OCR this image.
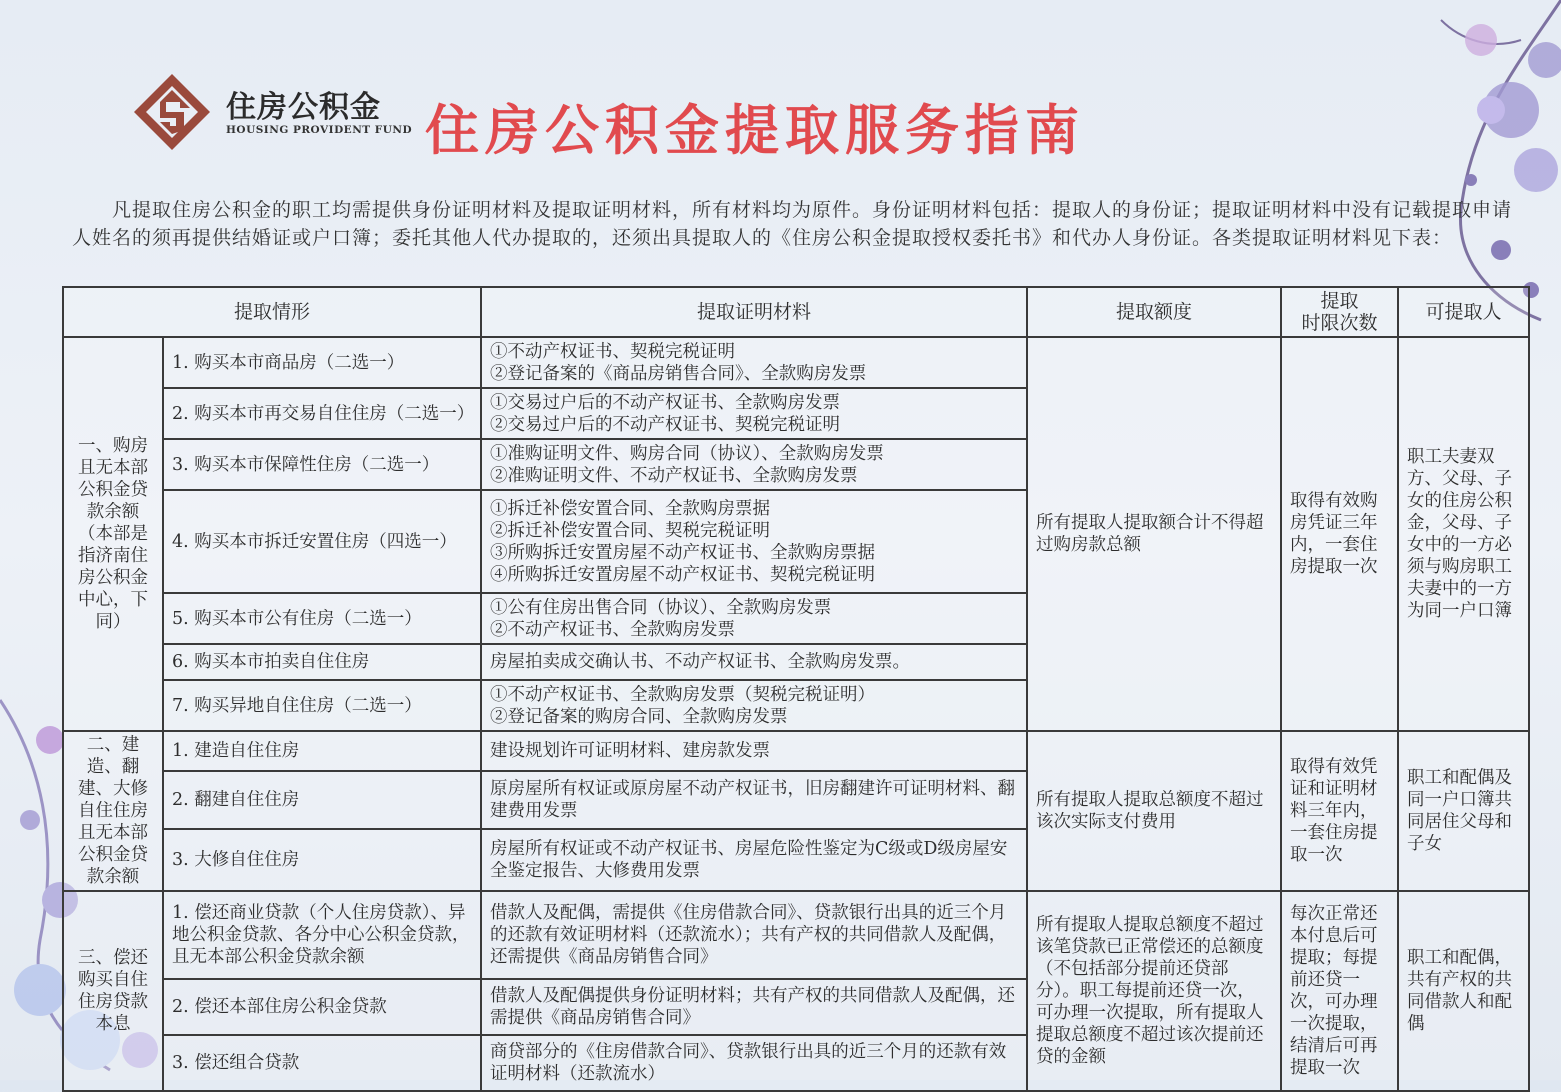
住房公积金
HOUSING PROVIDENT FUND 住房公积金提取服务指南
凡提取住房公积金的职工均需提供身份证明材料及提取证明材料，所有材料均为原件。身份证明材料包括：提取人的身份证；提取证明材料中没有记载提取申请人姓名的须再提供结婚证或户口簿；委托其他人代办提取的，还须出具提取人的《住房公积金提取授权委托书》和代办人身份证。各类提取证明材料见下表：
提取情形		提取证明材料	提取额度	提取
时限次数	可提取人
一、购房且无本部公积金贷款余额（本部是指济南住房公积金中心，下同）	1. 购买本市商品房（二选一）	①不动产权证书、契税完税证明
②登记备案的《商品房销售合同》、全款购房发票	所有提取人提取额合计不得超过购房款总额	取得有效购房凭证三年内，一套住房提取一次	职工夫妻双方、父母、子女的住房公积金，父母、子女中的一方必须与购房职工夫妻中的一方为同一户口簿
	2. 购买本市再交易自住住房（二选一）	①交易过户后的不动产权证书、全款购房发票
②交易过户后的不动产权证书、契税完税证明			

	3. 购买本市保障性住房（二选一）	①准购证明文件、购房合同（协议）、全款购房发票
②准购证明文件、不动产权证书、全款购房发票			

	4. 购买本市拆迁安置住房（四选一）	①拆迁补偿安置合同、全款购房票据
②拆迁补偿安置合同、契税完税证明
③所购拆迁安置房屋不动产权证书、全款购房票据
④所购拆迁安置房屋不动产权证书、契税完税证明			

	5. 购买本市公有住房（二选一）	①公有住房出售合同（协议）、全款购房发票
②不动产权证书、全款购房发票			

	6. 购买本市拍卖自住住房	房屋拍卖成交确认书、不动产权证书、全款购房发票。			

	7. 购买异地自住住房（二选一）	①不动产权证书、全款购房发票（契税完税证明）
②登记备案的购房合同、全款购房发票			

二、建造、翻建、大修自住住房且无本部公积金贷款余额	1. 建造自住住房	建设规划许可证明材料、建房款发票	所有提取人提取总额度不超过该次实际支付费用	取得有效凭证和证明材料三年内，一套住房提取一次	职工和配偶及同一户口簿共同居住父母和子女
	2. 翻建自住住房	原房屋所有权证或原房屋不动产权证书，旧房翻建许可证明材料、翻建费用发票			
	3. 大修自住住房	房屋所有权证或不动产权证书、房屋危险性鉴定为C级或D级房屋安全鉴定报告、大修费用发票			
三、偿还购买自住住房贷款本息	1. 偿还商业贷款（个人住房贷款）、异地公积金贷款、各分中心公积金贷款，且无本部公积金贷款余额	借款人及配偶，需提供《住房借款合同》、贷款银行出具的近三个月的还款有效证明材料（还款流水）；共有产权的共同借款人及配偶，还需提供《商品房销售合同》	所有提取人提取总额度不超过该笔贷款已正常偿还的总额度（不包括部分提前还贷部分）。职工每提前还贷一次，可办理一次提取，所有提取人提取总额度不超过该次提前还贷的金额	每次正常还本付息后可提取；每提前还贷一次，可办理一次提取，结清后可再提取一次	职工和配偶，共有产权的共同借款人和配偶
	2. 偿还本部住房公积金贷款	借款人及配偶提供身份证明材料；共有产权的共同借款人及配偶，还需提供《商品房销售合同》			
	3. 偿还组合贷款	商贷部分的《住房借款合同》、贷款银行出具的近三个月的还款有效证明材料（还款流水）			
